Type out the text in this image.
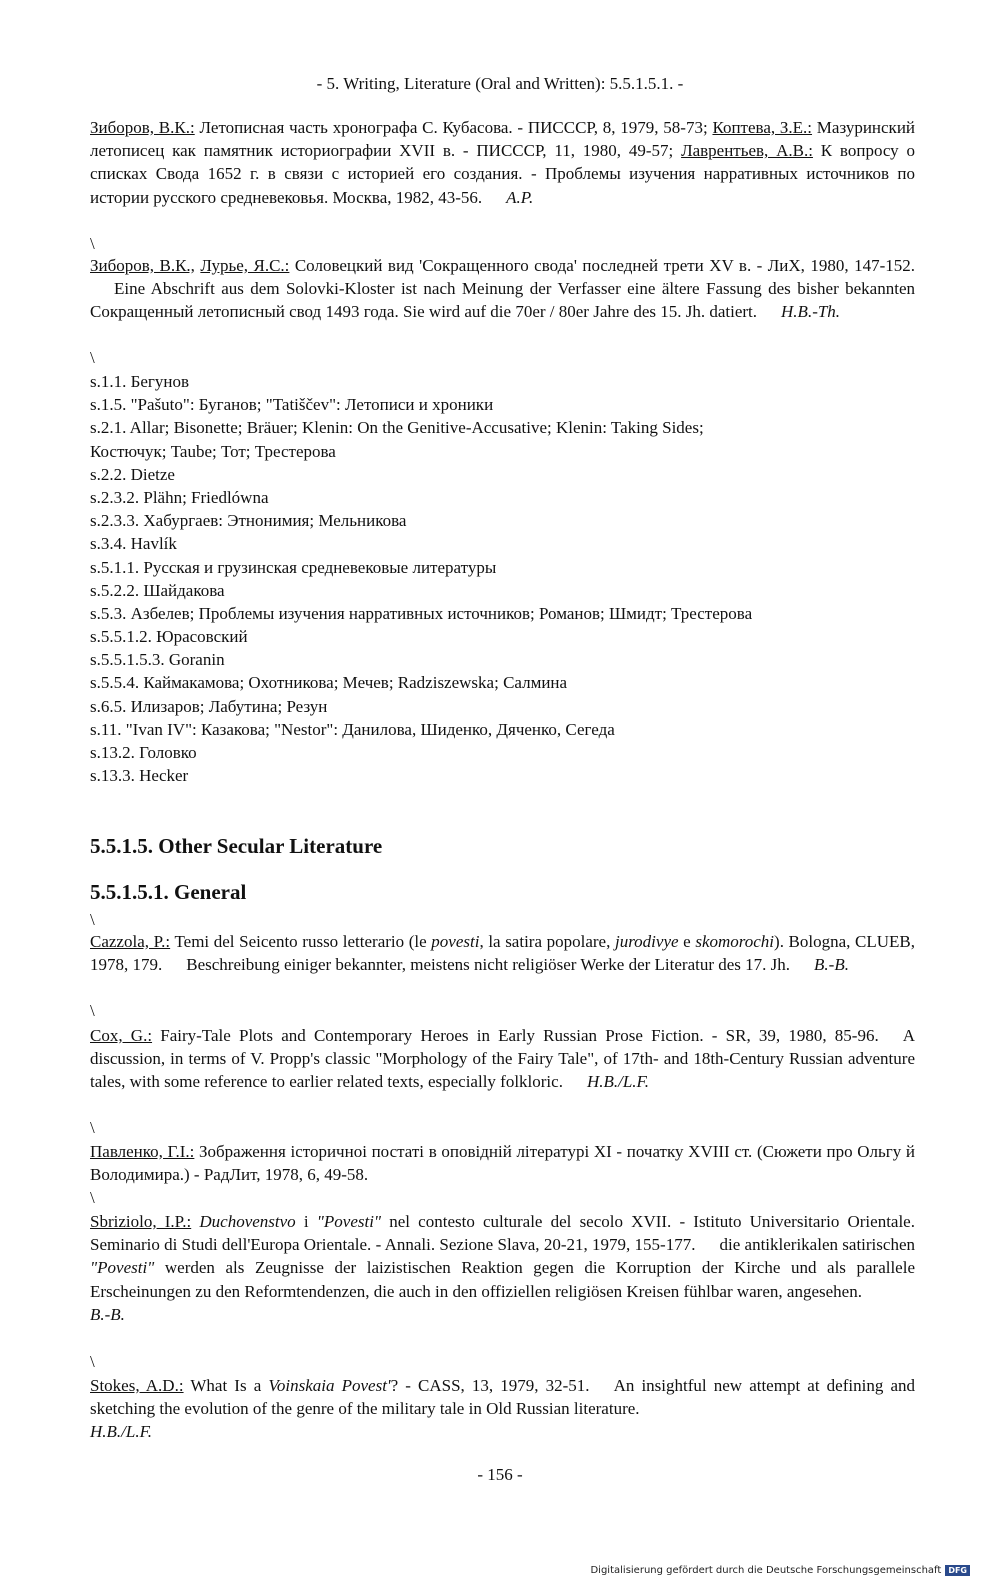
- 5. Writing, Literature (Oral and Written): 5.5.1.5.1. -
Зиборов, В.К.: Летописная часть хронографа С. Кубасова. - ПИСССР, 8, 1979, 58-73; Коптева, З.Е.: Мазуринский летописец как памятник историографии XVII в. - ПИСССР, 11, 1980, 49-57; Лаврентьев, А.В.: К вопросу о списках Свода 1652 г. в связи с историей его создания. - Проблемы изучения нарративных источников по истории русского средневековья. Москва, 1982, 43-56. A.P.
\
Зиборов, В.К., Лурье, Я.С.: Соловецкий вид 'Сокращенного свода' последней трети XV в. - ЛиХ, 1980, 147-152.Eine Abschrift aus dem Solovki-Kloster ist nach Meinung der Verfasser eine ältere Fassung des bisher bekannten Сокращенный летописный свод 1493 года. Sie wird auf die 70er / 80er Jahre des 15. Jh. datiert. H.B.-Th.
\
s.1.1. Бегунов
s.1.5. "Pašuto": Буганов; "Tatiščev": Летописи и хроники
s.2.1. Allar; Bisonette; Bräuer; Klenin: On the Genitive-Accusative; Klenin: Taking Sides;
Костючук; Taube; Тот; Трестерова
s.2.2. Dietze
s.2.3.2. Plähn; Friedlówna
s.2.3.3. Хабургаев: Этнонимия; Мельникова
s.3.4. Havlík
s.5.1.1. Русская и грузинская средневековые литературы
s.5.2.2. Шайдакова
s.5.3. Азбелев; Проблемы изучения нарративных источников; Романов; Шмидт; Трестерова
s.5.5.1.2. Юрасовский
s.5.5.1.5.3. Goranin
s.5.5.4. Каймакамова; Охотникова; Мечев; Radziszewska; Салмина
s.6.5. Илизаров; Лабутина; Резун
s.11. "Ivan IV": Казакова; "Nestor": Данилова, Шиденко, Дяченко, Сегеда
s.13.2. Головко
s.13.3. Hecker
5.5.1.5. Other Secular Literature
5.5.1.5.1. General
\
Cazzola, P.: Temi del Seicento russo letterario (le povesti, la satira popolare, jurodivye e skomorochi). Bologna, CLUEB, 1978, 179. Beschreibung einiger bekannter, meistens nicht religiöser Werke der Literatur des 17. Jh. B.-B.
\
Cox, G.: Fairy-Tale Plots and Contemporary Heroes in Early Russian Prose Fiction. - SR, 39, 1980, 85-96. A discussion, in terms of V. Propp's classic "Morphology of the Fairy Tale", of 17th- and 18th-Century Russian adventure tales, with some reference to earlier related texts, especially folkloric. H.B./L.F.
\
Павленко, Г.І.: Зображення історичноі постаті в оповідній літературі XI - початку XVIII ст. (Сюжети про Ольгу й Володимира.) - РадЛит, 1978, 6, 49-58.
\
Sbriziolo, I.P.: Duchovenstvo i "Povesti" nel contesto culturale del secolo XVII. - Istituto Universitario Orientale. Seminario di Studi dell'Europa Orientale. - Annali. Sezione Slava, 20-21, 1979, 155-177. die antiklerikalen satirischen "Povesti" werden als Zeugnisse der laizistischen Reaktion gegen die Korruption der Kirche und als parallele Erscheinungen zu den Reformtendenzen, die auch in den offiziellen religiösen Kreisen fühlbar waren, angesehen.
B.-B.
\
Stokes, A.D.: What Is a Voinskaia Povest'? - CASS, 13, 1979, 32-51. An insightful new attempt at defining and sketching the evolution of the genre of the military tale in Old Russian literature.
H.B./L.F.
- 156 -
Digitalisierung gefördert durch die Deutsche Forschungsgemeinschaft DFG
